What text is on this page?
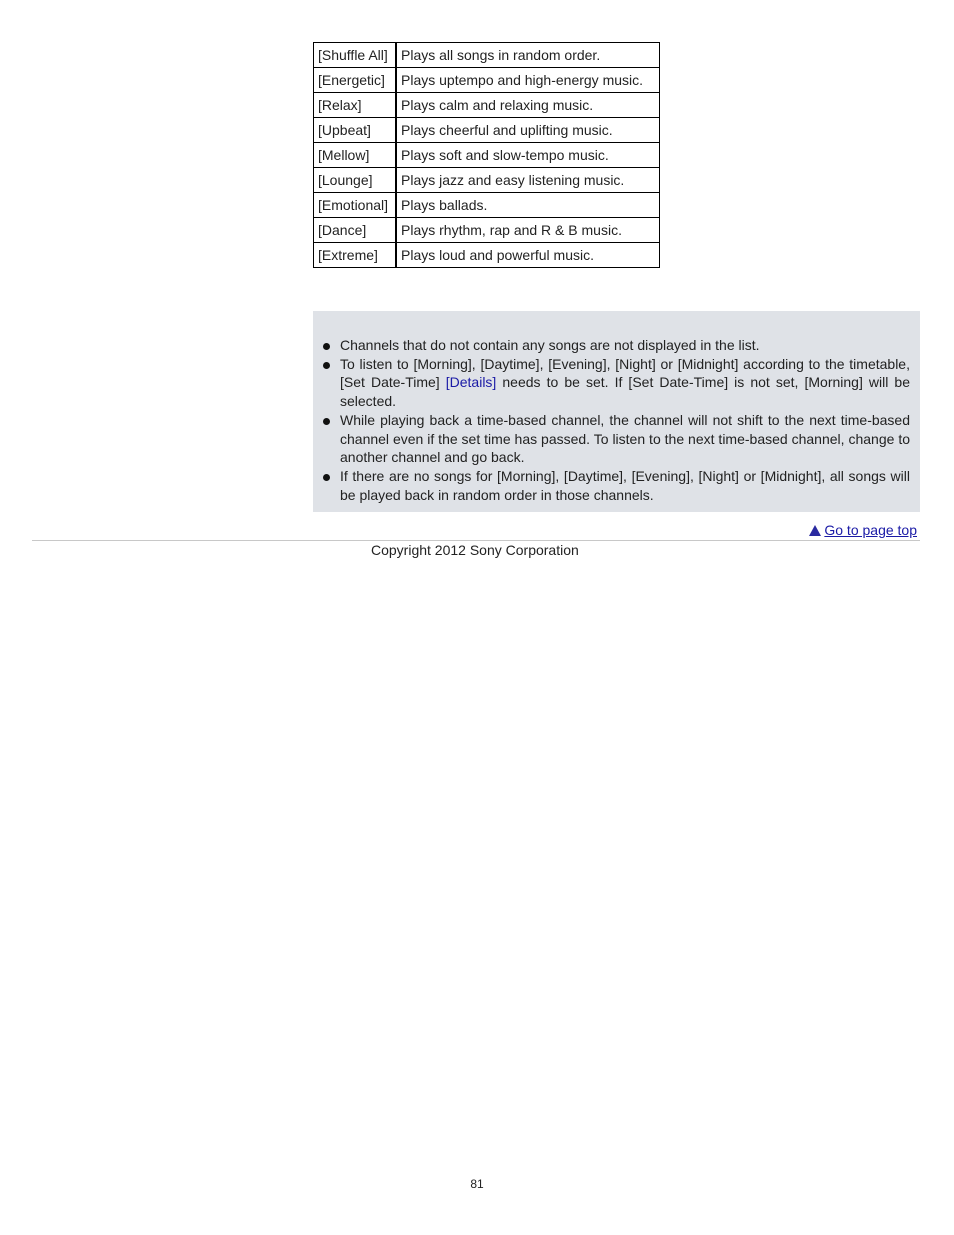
[Shuffle All]	Plays all songs in random order.
[Energetic]	Plays uptempo and high-energy music.
[Relax]	Plays calm and relaxing music.
[Upbeat]	Plays cheerful and uplifting music.
[Mellow]	Plays soft and slow-tempo music.
[Lounge]	Plays jazz and easy listening music.
[Emotional]	Plays ballads.
[Dance]	Plays rhythm, rap and R & B music.
[Extreme]	Plays loud and powerful music.
Channels that do not contain any songs are not displayed in the list.
To listen to [Morning], [Daytime], [Evening], [Night] or [Midnight] according to the timetable, [Set Date-Time] [Details] needs to be set. If [Set Date-Time] is not set, [Morning] will be selected.
While playing back a time-based channel, the channel will not shift to the next time-based channel even if the set time has passed. To listen to the next time-based channel, change to another channel and go back.
If there are no songs for [Morning], [Daytime], [Evening], [Night] or [Midnight], all songs will be played back in random order in those channels.
Go to page top
Copyright 2012 Sony Corporation
81
